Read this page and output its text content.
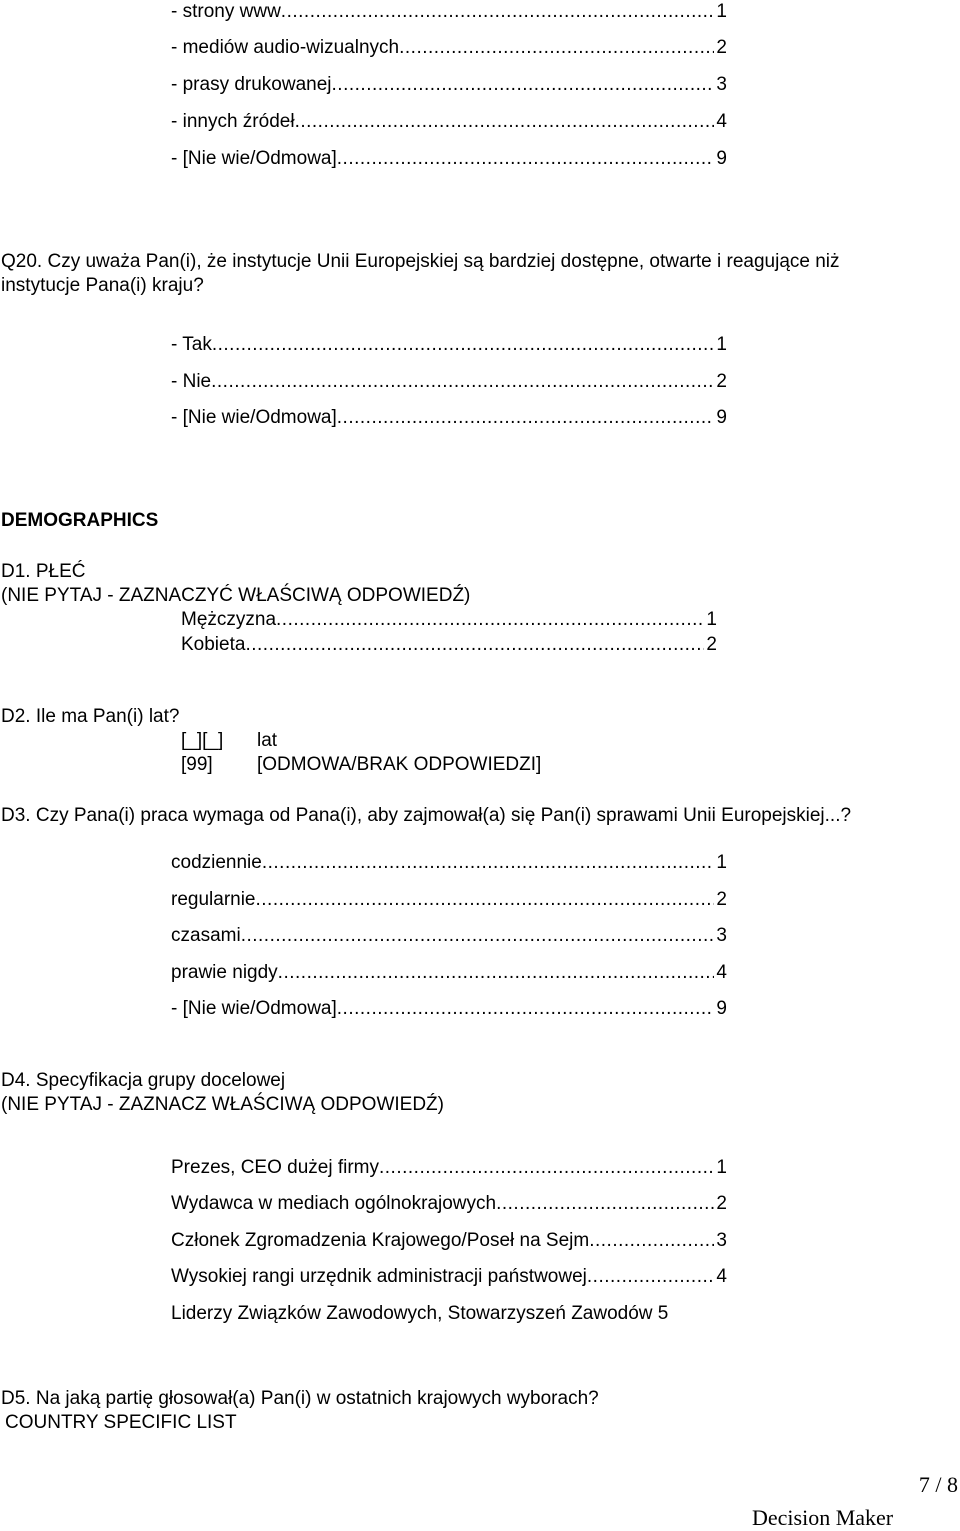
- strony www .....	1
- mediów audio-wizualnych .....	2
- prasy drukowanej .....	3
- innych źródeł .....	4
- [Nie wie/Odmowa] .....	9
Q20. Czy uważa Pan(i), że instytucje Unii Europejskiej są bardziej dostępne, otwarte i reagujące niż
instytucje Pana(i) kraju?
- Tak .....	1
- Nie .....	2
- [Nie wie/Odmowa] .....	9
DEMOGRAPHICS
D1. PŁEĆ
(NIE PYTAJ - ZAZNACZYĆ WŁAŚCIWĄ ODPOWIEDŹ)
Mężczyzna .....	1
Kobieta .....	2
D2. Ile ma Pan(i) lat?
[_][_] lat
[99] [ODMOWA/BRAK ODPOWIEDZI]
D3. Czy Pana(i) praca wymaga od Pana(i), aby zajmował(a) się Pan(i) sprawami Unii Europejskiej...?
codziennie .....	1
regularnie .....	2
czasami .....	3
prawie nigdy .....	4
- [Nie wie/Odmowa] .....	9
D4. Specyfikacja grupy docelowej
(NIE PYTAJ - ZAZNACZ WŁAŚCIWĄ ODPOWIEDŹ)
Prezes, CEO dużej firmy .....	1
Wydawca w mediach ogólnokrajowych .....	2
Członek Zgromadzenia Krajowego/Poseł na Sejm .....	3
Wysokiej rangi urzędnik administracji państwowej .....	4
Liderzy Związków Zawodowych, Stowarzyszeń Zawodów 5
D5. Na jaką partię głosował(a) Pan(i) w ostatnich krajowych wyborach?
COUNTRY SPECIFIC LIST
7 / 8
Decision Maker
